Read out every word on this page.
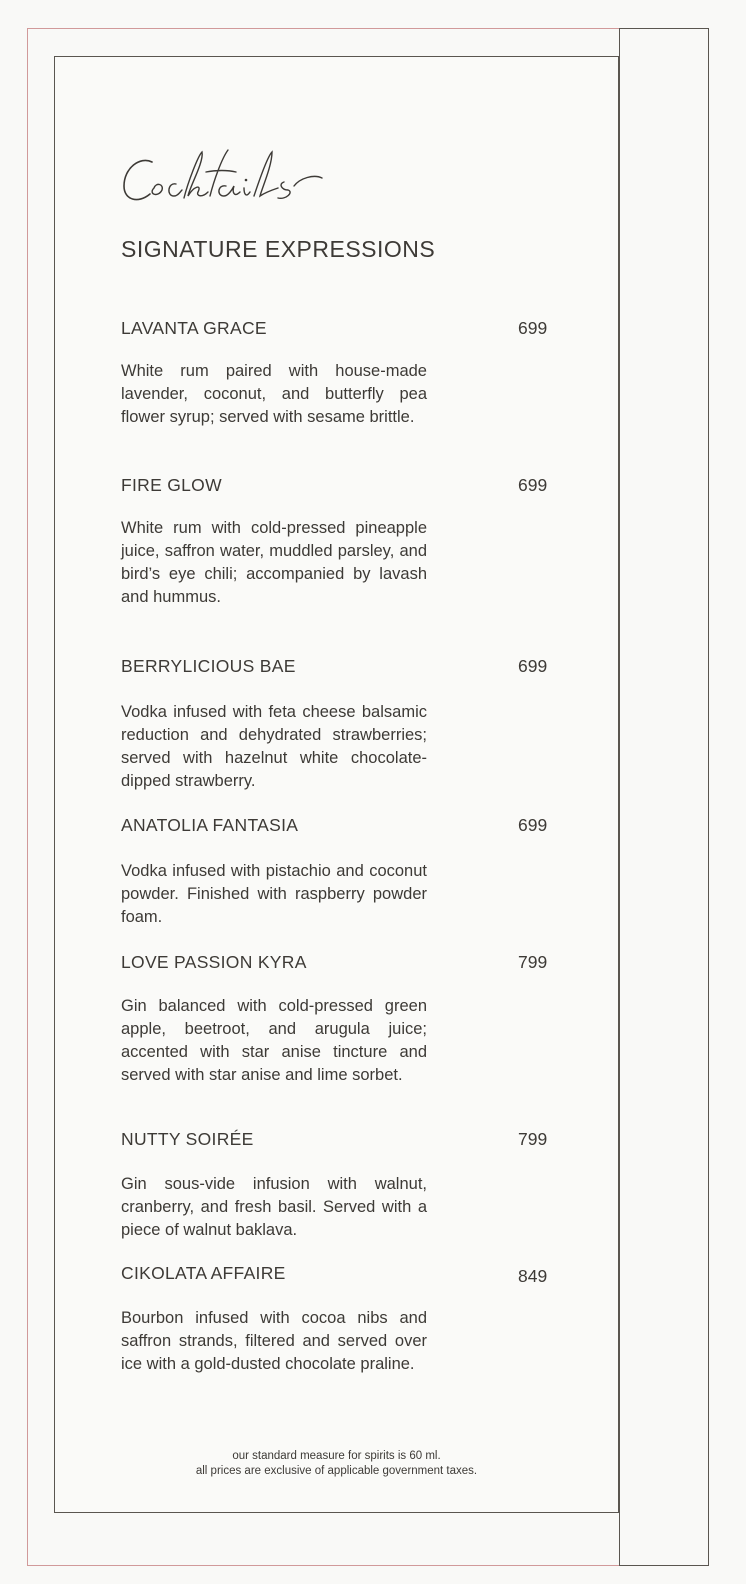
SIGNATURE EXPRESSIONS
LAVANTA GRACE	699

White rum paired with house-made lavender, coconut, and butterfly pea flower syrup; served with sesame brittle.

FIRE GLOW	699

White rum with cold-pressed pineapple juice, saffron water, muddled parsley, and bird’s eye chili; accompanied by lavash and hummus.

BERRYLICIOUS BAE	699

Vodka infused with feta cheese balsamic reduction and dehydrated strawberries; served with hazelnut white chocolate-dipped strawberry.

ANATOLIA FANTASIA	699

Vodka infused with pistachio and coconut powder. Finished with raspberry powder foam.

LOVE PASSION KYRA	799

Gin balanced with cold-pressed green apple, beetroot, and arugula juice; accented with star anise tincture and served with star anise and lime sorbet.

NUTTY SOIRÉE	799

Gin sous-vide infusion with walnut, cranberry, and fresh basil. Served with a piece of walnut baklava.

CIKOLATA AFFAIRE	849

Bourbon infused with cocoa nibs and saffron strands, filtered and served over ice with a gold-dusted chocolate praline.

our standard measure for spirits is 60 ml.
all prices are exclusive of applicable government taxes.
